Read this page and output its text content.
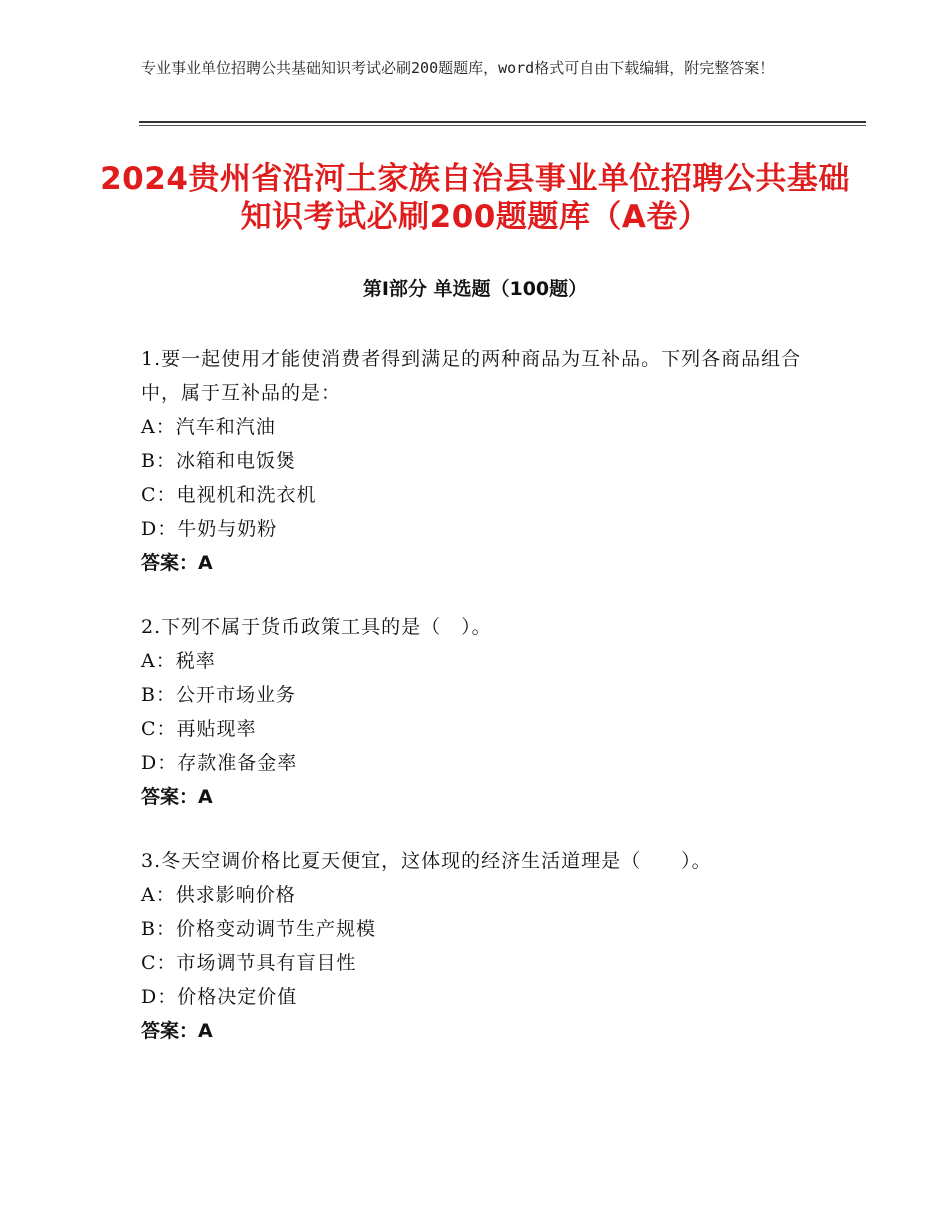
专业事业单位招聘公共基础知识考试必刷200题题库，word格式可自由下载编辑，附完整答案！
2024贵州省沿河土家族自治县事业单位招聘公共基础知识考试必刷200题题库（A卷）
第Ⅰ部分 单选题（100题）
1.要一起使用才能使消费者得到满足的两种商品为互补品。下列各商品组合中，属于互补品的是：
A：汽车和汽油
B：冰箱和电饭煲
C：电视机和洗衣机
D：牛奶与奶粉
答案：A
2.下列不属于货币政策工具的是（　）。
A：税率
B：公开市场业务
C：再贴现率
D：存款准备金率
答案：A
3.冬天空调价格比夏天便宜，这体现的经济生活道理是（　　）。
A：供求影响价格
B：价格变动调节生产规模
C：市场调节具有盲目性
D：价格决定价值
答案：A
